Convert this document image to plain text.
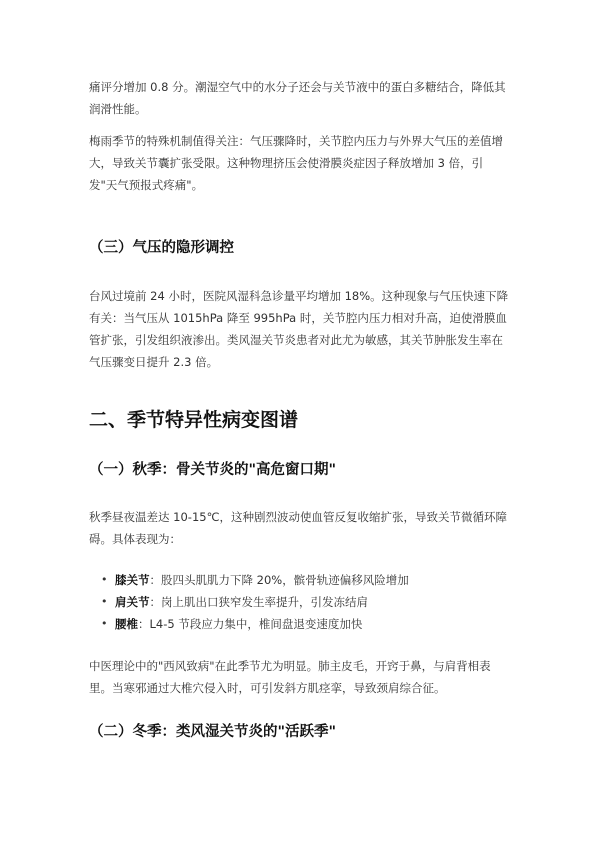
痛评分增加 0.8 分。潮湿空气中的水分子还会与关节液中的蛋白多糖结合，降低其润滑性能。

梅雨季节的特殊机制值得关注：气压骤降时，关节腔内压力与外界大气压的差值增大，导致关节囊扩张受限。这种物理挤压会使滑膜炎症因子释放增加 3 倍，引发"天气预报式疼痛"。

（三）气压的隐形调控

台风过境前 24 小时，医院风湿科急诊量平均增加 18%。这种现象与气压快速下降有关：当气压从 1015hPa 降至 995hPa 时，关节腔内压力相对升高，迫使滑膜血管扩张，引发组织液渗出。类风湿关节炎患者对此尤为敏感，其关节肿胀发生率在气压骤变日提升 2.3 倍。

二、季节特异性病变图谱
（一）秋季：骨关节炎的"高危窗口期"

秋季昼夜温差达 10-15℃，这种剧烈波动使血管反复收缩扩张，导致关节微循环障碍。具体表现为：

• 膝关节：股四头肌肌力下降 20%，髌骨轨迹偏移风险增加
• 肩关节：岗上肌出口狭窄发生率提升，引发冻结肩
• 腰椎：L4-5 节段应力集中，椎间盘退变速度加快

中医理论中的"西风致病"在此季节尤为明显。肺主皮毛，开窍于鼻，与肩背相表里。当寒邪通过大椎穴侵入时，可引发斜方肌痉挛，导致颈肩综合征。

（二）冬季：类风湿关节炎的"活跃季"
